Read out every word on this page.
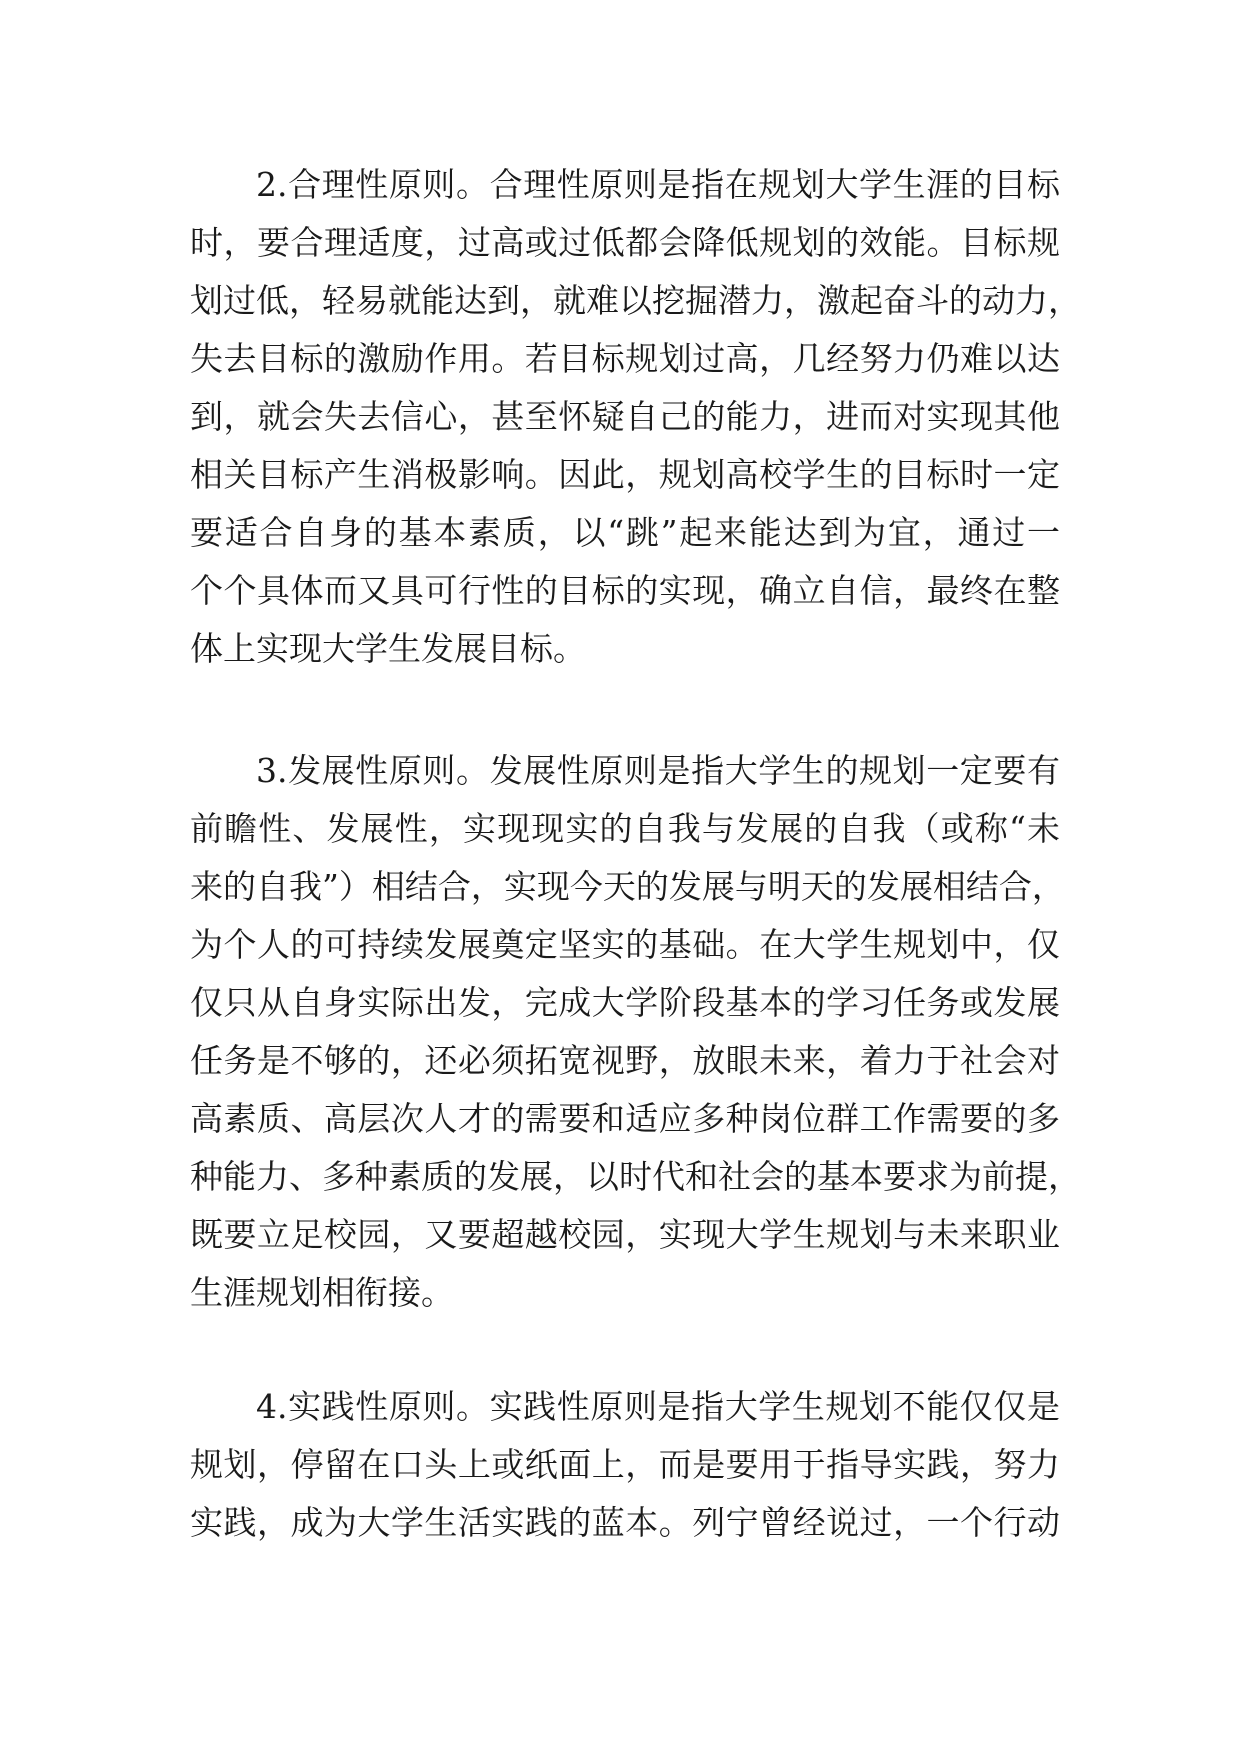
2.合理性原则。合理性原则是指在规划大学生涯的目标
时，要合理适度，过高或过低都会降低规划的效能。目标规
划过低，轻易就能达到，就难以挖掘潜力，激起奋斗的动力，
失去目标的激励作用。若目标规划过高，几经努力仍难以达
到，就会失去信心，甚至怀疑自己的能力，进而对实现其他
相关目标产生消极影响。因此，规划高校学生的目标时一定
要适合自身的基本素质，以“跳”起来能达到为宜，通过一
个个具体而又具可行性的目标的实现，确立自信，最终在整
体上实现大学生发展目标。
3.发展性原则。发展性原则是指大学生的规划一定要有
前瞻性、发展性，实现现实的自我与发展的自我（或称“未
来的自我”）相结合，实现今天的发展与明天的发展相结合，
为个人的可持续发展奠定坚实的基础。在大学生规划中，仅
仅只从自身实际出发，完成大学阶段基本的学习任务或发展
任务是不够的，还必须拓宽视野，放眼未来，着力于社会对
高素质、高层次人才的需要和适应多种岗位群工作需要的多
种能力、多种素质的发展，以时代和社会的基本要求为前提，
既要立足校园，又要超越校园，实现大学生规划与未来职业
生涯规划相衔接。
4.实践性原则。实践性原则是指大学生规划不能仅仅是
规划，停留在口头上或纸面上，而是要用于指导实践，努力
实践，成为大学生活实践的蓝本。列宁曾经说过，一个行动
